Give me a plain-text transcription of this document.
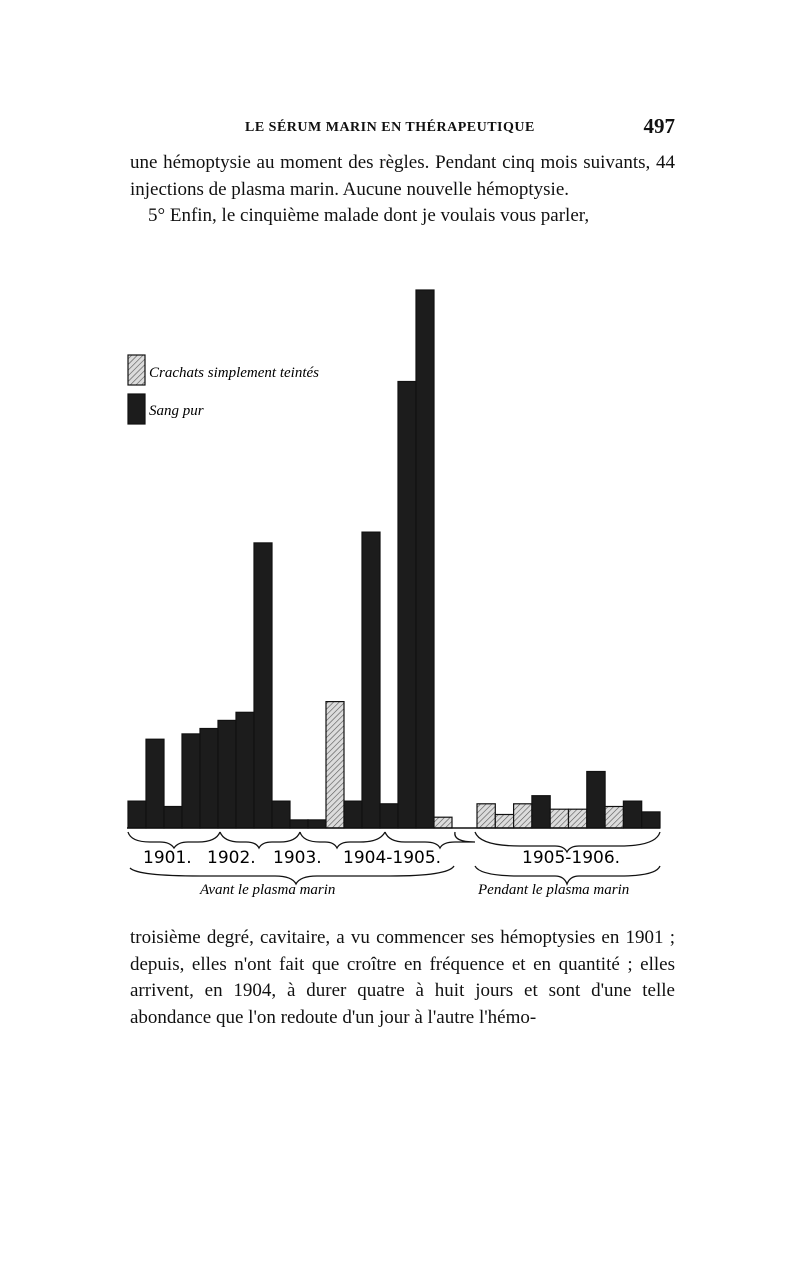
LE SÉRUM MARIN EN THÉRAPEUTIQUE	497

une hémoptysie au moment des règles. Pendant cinq mois suivants, 44 injections de plasma marin. Aucune nouvelle hémoptysie.

5° Enfin, le cinquième malade dont je voulais vous parler,

Crachats simplement teintés
Sang pur
1901. 1902. 1903. 1904-1905.	1905-1906.
Avant le plasma marin	Pendant le plasma marin

troisième degré, cavitaire, a vu commencer ses hémoptysies en 1901 ; depuis, elles n'ont fait que croître en fréquence et en quantité ; elles arrivent, en 1904, à durer quatre à huit jours et sont d'une telle abondance que l'on redoute d'un jour à l'autre l'hémo-
